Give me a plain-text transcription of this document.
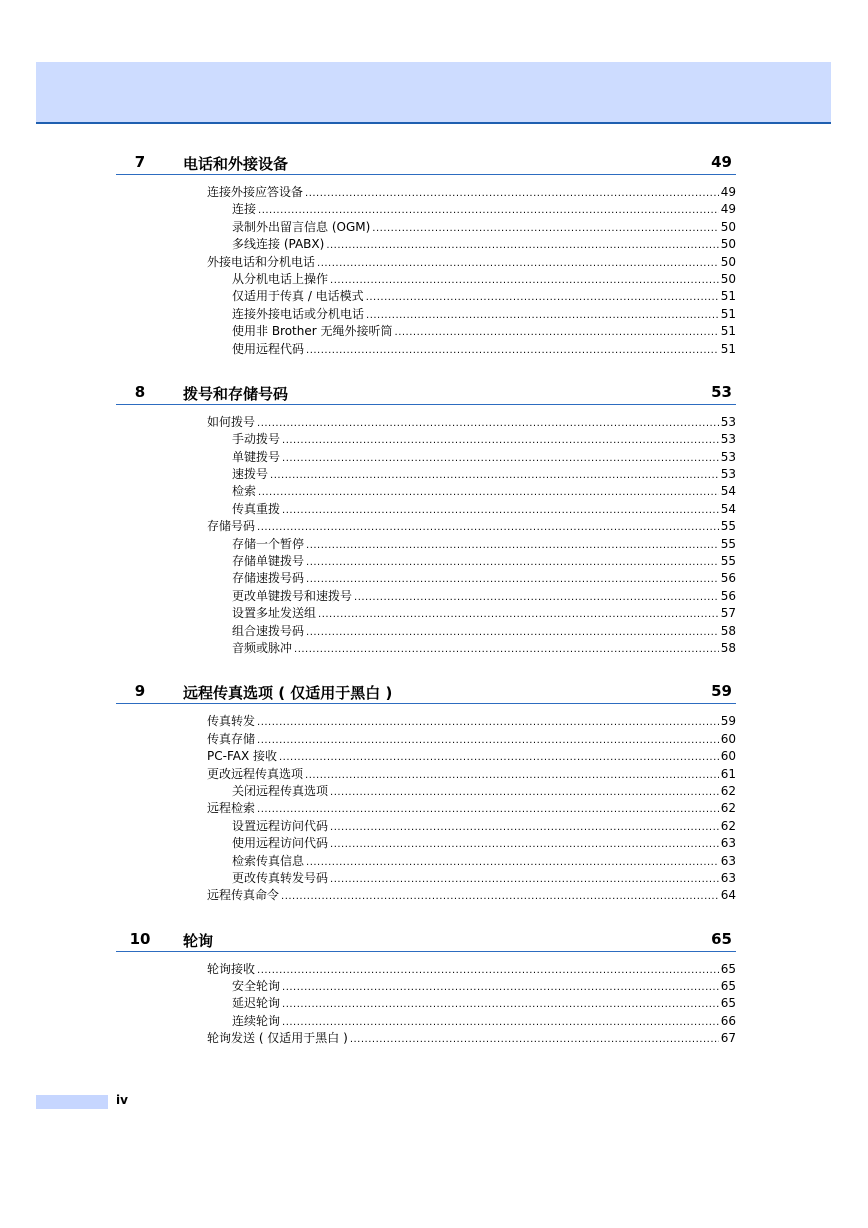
7	电话和外接设备	49
连接外接应答设备 .....	49
连接 .....	49
录制外出留言信息 (OGM) .....	50
多线连接 (PABX) .....	50
外接电话和分机电话 .....	50
从分机电话上操作 .....	50
仅适用于传真 / 电话模式 .....	51
连接外接电话或分机电话 .....	51
使用非 Brother 无绳外接听筒 .....	51
使用远程代码 .....	51
8	拨号和存储号码	53
如何拨号 .....	53
手动拨号 .....	53
单键拨号 .....	53
速拨号 .....	53
检索 .....	54
传真重拨 .....	54
存储号码 .....	55
存储一个暂停 .....	55
存储单键拨号 .....	55
存储速拨号码 .....	56
更改单键拨号和速拨号 .....	56
设置多址发送组 .....	57
组合速拨号码 .....	58
音频或脉冲 .....	58
9	远程传真选项 ( 仅适用于黑白 )	59
传真转发 .....	59
传真存储 .....	60
PC-FAX 接收 .....	60
更改远程传真选项 .....	61
关闭远程传真选项 .....	62
远程检索 .....	62
设置远程访问代码 .....	62
使用远程访问代码 .....	63
检索传真信息 .....	63
更改传真转发号码 .....	63
远程传真命令 .....	64
10	轮询	65
轮询接收 .....	65
安全轮询 .....	65
延迟轮询 .....	65
连续轮询 .....	66
轮询发送 ( 仅适用于黑白 ) .....	67
iv
